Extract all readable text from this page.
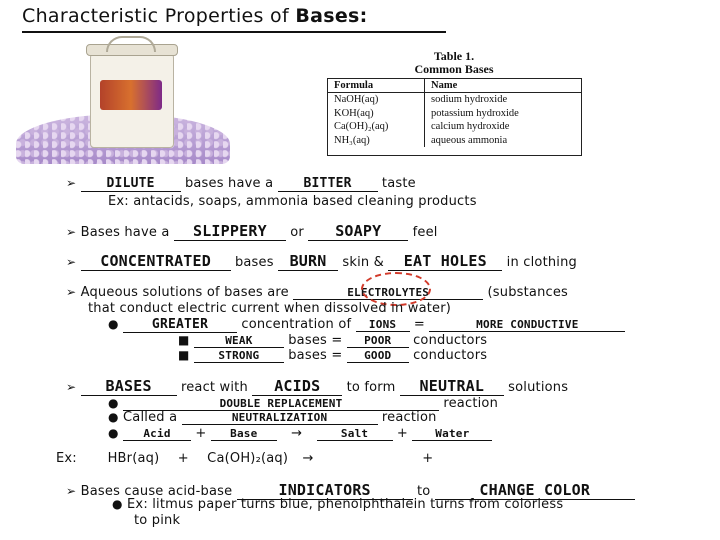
Characteristic Properties of Bases:
Table 1.
Common Bases
Formula	Name
NaOH(aq)	sodium hydroxide
KOH(aq)	potassium hydroxide
Ca(OH)₂(aq)	calcium hydroxide
NH₃(aq)	aqueous ammonia
➢ DILUTE bases have a BITTER taste
Ex: antacids, soaps, ammonia based cleaning products
➢ Bases have a SLIPPERY or SOAPY feel
➢ CONCENTRATED bases BURN skin & EAT HOLES in clothing
➢ Aqueous solutions of bases are	ELECTROLYTES	(substances
that conduct electric current when dissolved in water)
●	GREATER concentration of IONS =	MORE CONDUCTIVE
■	WEAK bases = POOR conductors
■	STRONG bases = GOOD conductors
➢ BASES react with ACIDS to form NEUTRAL solutions
●	DOUBLE REPLACEMENT	reaction
● Called a	NEUTRALIZATION	reaction
● Acid + Base	→	Salt + Water
Ex: HBr(aq) + Ca(OH)₂(aq) →	+
➢ Bases cause acid-base	INDICATORS	to	CHANGE COLOR
● Ex: litmus paper turns blue, phenolphthalein turns from colorless
to pink
